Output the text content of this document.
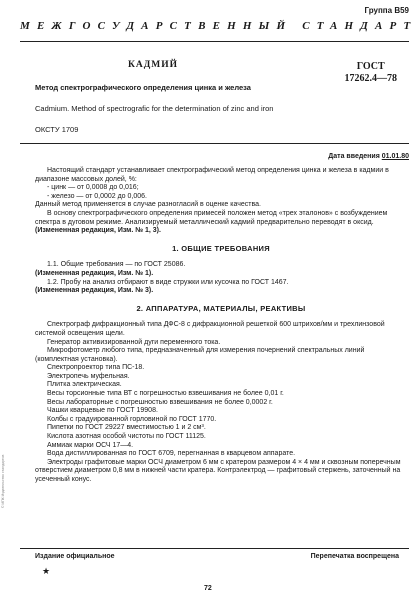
Группа В59
МЕЖГОСУДАРСТВЕННЫЙ СТАНДАРТ
КАДМИЙ	ГОСТ
17262.4—78
Метод спектрографического определения цинка и железа
Cadmium. Method of spectrografic for the determination of zinc and iron
ОКСТУ 1709
Дата введения 01.01.80

Настоящий стандарт устанавливает спектрографический метод определения цинка и железа в кадмии в диапазоне массовых долей, %:

- цинк — от 0,0008 до 0,016;

- железо — от 0,0002 до 0,006.

Данный метод применяется в случае разногласий в оценке качества.

В основу спектрографического определения примесей положен метод «трех эталонов» с возбуждением спектра в дуговом режиме. Анализируемый металлический кадмий предварительно переводят в оксид.

(Измененная редакция, Изм. № 1, 3).

1. ОБЩИЕ ТРЕБОВАНИЯ

1.1. Общие требования — по ГОСТ 25086.

(Измененная редакция, Изм. № 1).

1.2. Пробу на анализ отбирают в виде стружки или кусочка по ГОСТ 1467.

(Измененная редакция, Изм. № 3).

2. АППАРАТУРА, МАТЕРИАЛЫ, РЕАКТИВЫ

Спектрограф дифракционный типа ДФС-8 с дифракционной решеткой 600 штрихов/мм и трехлинзовой системой освещения щели.

Генератор активизированной дуги переменного тока.

Микрофотометр любого типа, предназначенный для измерения почернений спектральных линий (комплектная установка).

Спектропроектор типа ПС-18.

Электропечь муфельная.

Плитка электрическая.

Весы торсионные типа ВТ с погрешностью взвешивания не более 0,01 г.

Весы лабораторные с погрешностью взвешивания не более 0,0002 г.

Чашки кварцевые по ГОСТ 19908.

Колбы с градуированной горловиной по ГОСТ 1770.

Пипетки по ГОСТ 29227 вместимостью 1 и 2 см³.

Кислота азотная особой чистоты по ГОСТ 11125.

Аммиак марки ОСЧ 17—4.

Вода дистиллированная по ГОСТ 6709, перегнанная в кварцевом аппарате.

Электроды графитовые марки ОСЧ диаметром 6 мм с кратером размером 4 × 4 мм и сквозным поперечным отверстием диаметром 0,8 мм в нижней части кратера. Контрэлектрод — графитовый стержень, заточенный на усеченный конус.

Издание официальное	Перепечатка воспрещена
★
72
© ИПК Издательство стандартов
